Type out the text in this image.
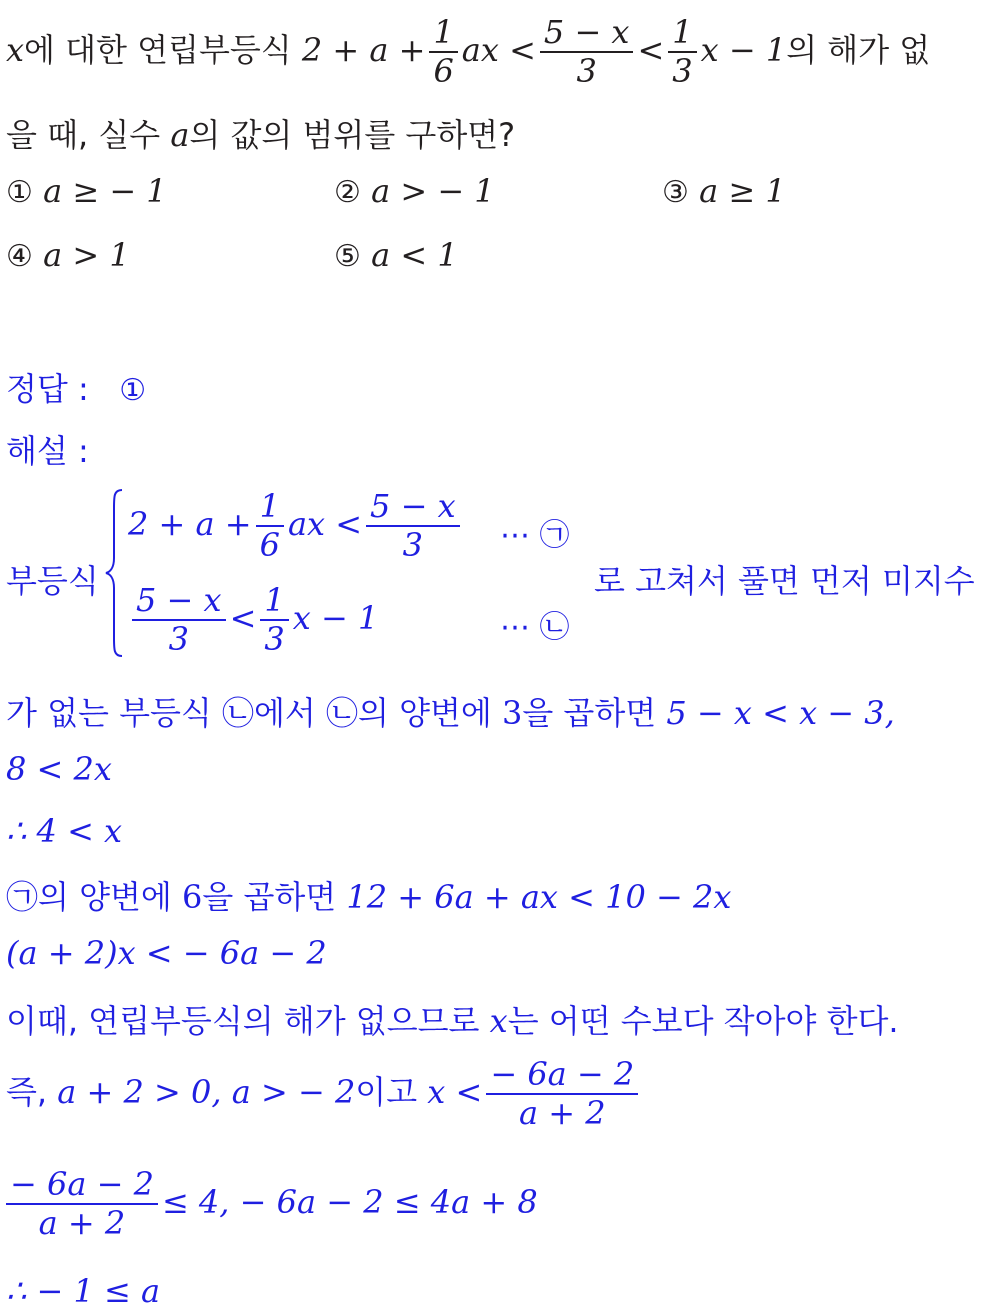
x에 대한 연립부등식 $2 + a + \frac{1}{6}$ ax < $\frac{5 - x}{3} < \frac{1}{3}$ x − 1의 해가 없
을 때, 실수 a의 값의 범위를 구하면?
① a ≥ − 1	② a > − 1	③ a ≥ 1
④ a > 1	⑤ a < 1
정답 : ①
해설 :
부등식
$2 + a + \frac{1}{6}$ ax < $\frac{5 - x}{3}$ ⋯ ㉠
$\frac{5 - x}{3} < \frac{1}{3}$ x − 1	⋯ ㉡
로 고쳐서 풀면 먼저 미지수
가 없는 부등식 ㉡에서 ㉡의 양변에 3을 곱하면 5 − x < x − 3,
8 < 2x
∴ 4 < x
㉠의 양변에 6을 곱하면 12 + 6a + ax < 10 − 2x
(a + 2)x < − 6a − 2
이때, 연립부등식의 해가 없으므로 x는 어떤 수보다 작아야 한다.
즉, a + 2 > 0, a > − 2이고 $x < \frac{- 6a - 2}{a + 2}$
$\frac{- 6a - 2}{a + 2} \le 4$, − 6a − 2 ≤ 4a + 8
∴ − 1 ≤ a
